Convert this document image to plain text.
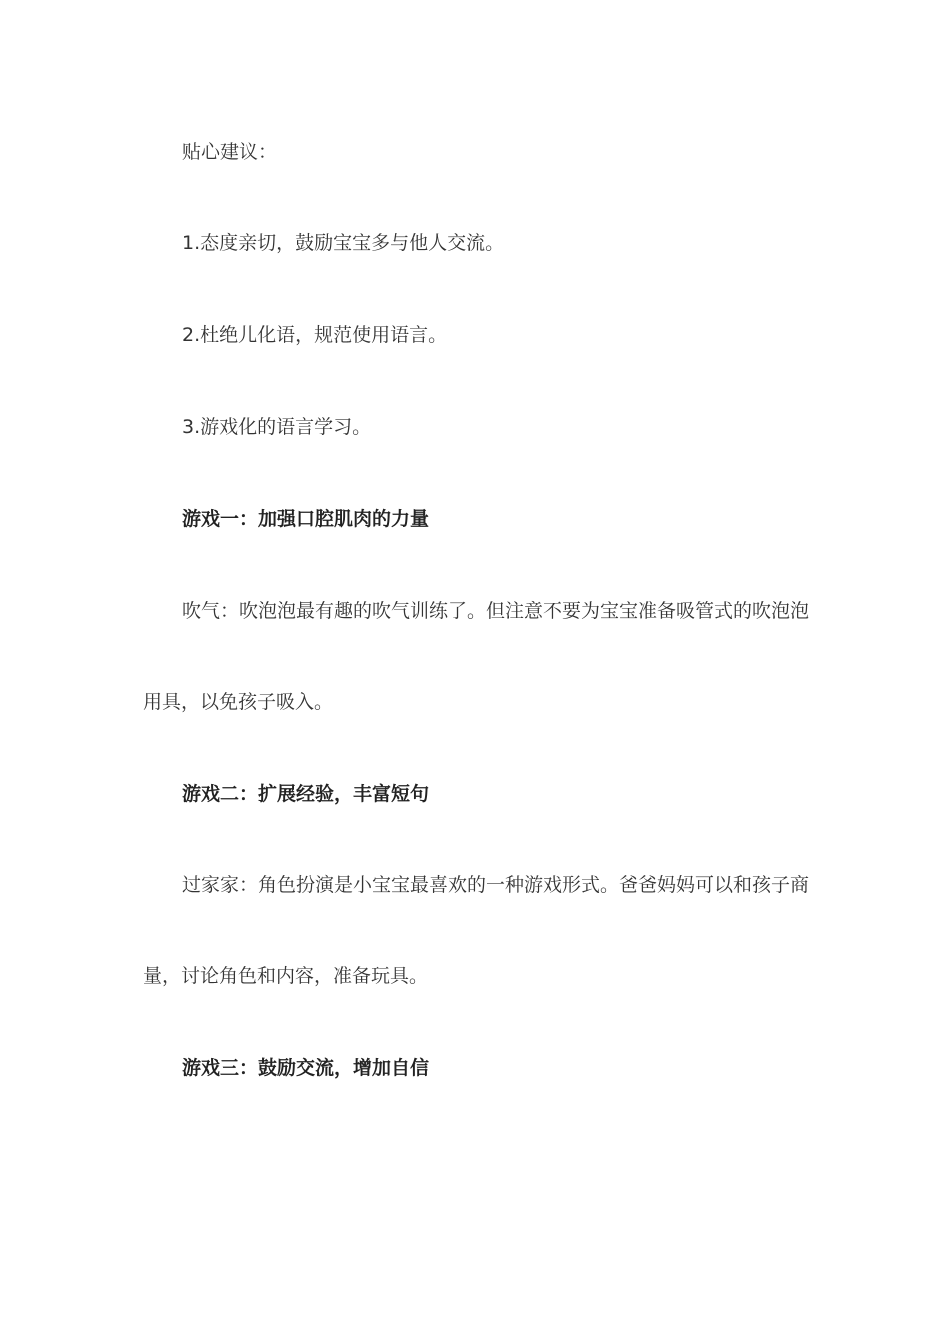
贴心建议：
1.态度亲切，鼓励宝宝多与他人交流。
2.杜绝儿化语，规范使用语言。
3.游戏化的语言学习。
游戏一：加强口腔肌肉的力量
吹气：吹泡泡最有趣的吹气训练了。但注意不要为宝宝准备吸管式的吹泡泡
用具，以免孩子吸入。
游戏二：扩展经验，丰富短句
过家家：角色扮演是小宝宝最喜欢的一种游戏形式。爸爸妈妈可以和孩子商
量，讨论角色和内容，准备玩具。
游戏三：鼓励交流，增加自信
